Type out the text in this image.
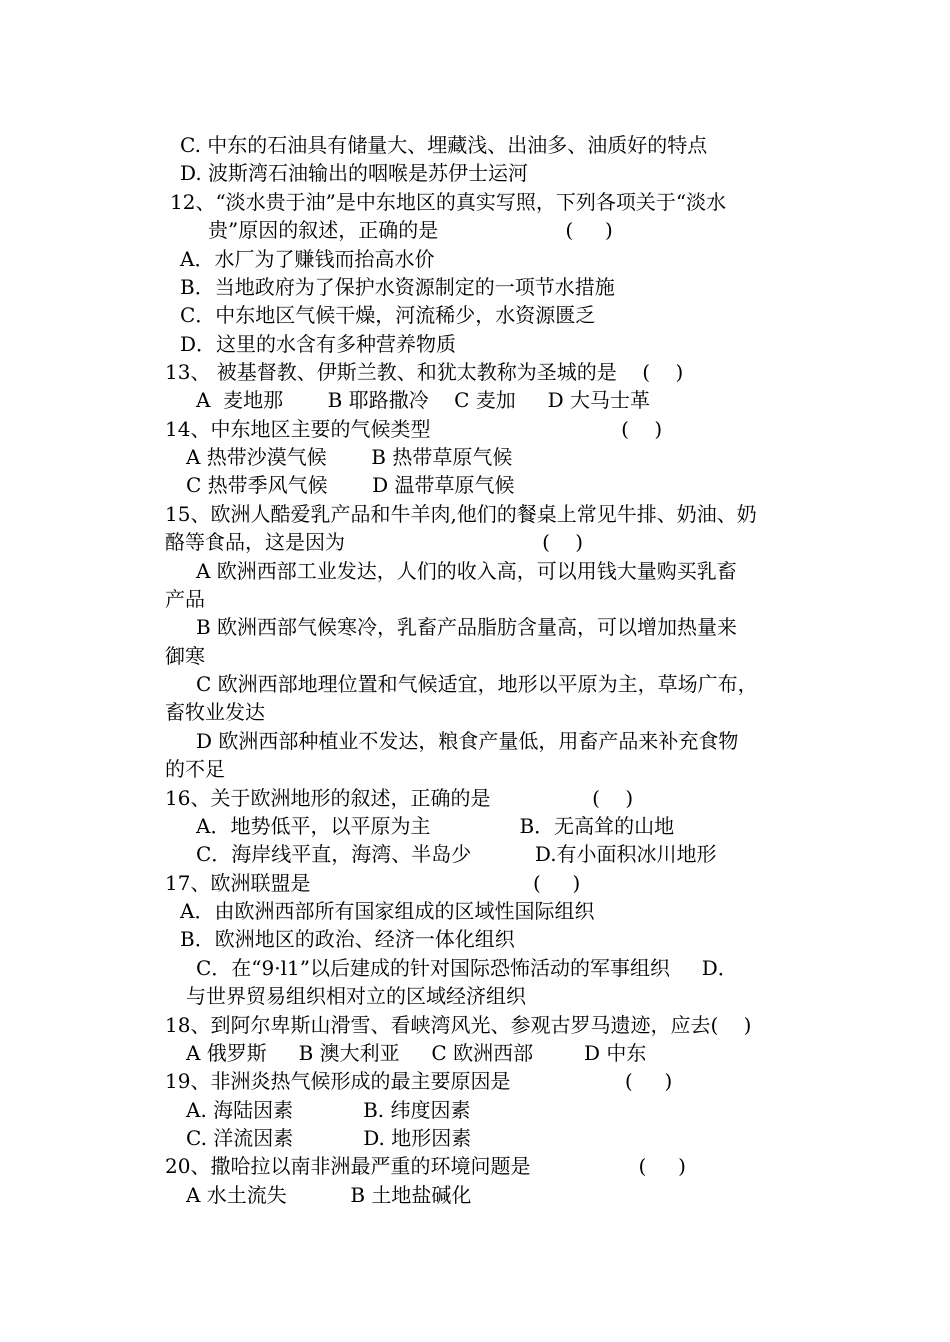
C. 中东的石油具有储量大、埋藏浅、出油多、油质好的特点
D. 波斯湾石油输出的咽喉是苏伊士运河
12、“淡水贵于油”是中东地区的真实写照，下列各项关于“淡水
贵”原因的叙述，正确的是                    (     )
A．水厂为了赚钱而抬高水价
B．当地政府为了保护水资源制定的一项节水措施
C．中东地区气候干燥，河流稀少，水资源匮乏
D．这里的水含有多种营养物质
13、 被基督教、伊斯兰教、和犹太教称为圣城的是    (    )
A  麦地那       B 耶路撒冷    C 麦加     D 大马士革
14、中东地区主要的气候类型                              (    )
A 热带沙漠气候       B 热带草原气候
C 热带季风气候       D 温带草原气候
15、欧洲人酷爱乳产品和牛羊肉,他们的餐桌上常见牛排、奶油、奶
酪等食品，这是因为                               (    )
A 欧洲西部工业发达，人们的收入高，可以用钱大量购买乳畜
产品
B 欧洲西部气候寒冷，乳畜产品脂肪含量高，可以增加热量来
御寒
C 欧洲西部地理位置和气候适宜，地形以平原为主，草场广布，
畜牧业发达
D 欧洲西部种植业不发达，粮食产量低，用畜产品来补充食物
的不足
16、关于欧洲地形的叙述，正确的是                (    )
A．地势低平，以平原为主              B．无高耸的山地
C．海岸线平直，海湾、半岛少          D.有小面积冰川地形
17、欧洲联盟是                                   (     )
A．由欧洲西部所有国家组成的区域性国际组织
B．欧洲地区的政治、经济一体化组织
C．在“9·l1”以后建成的针对国际恐怖活动的军事组织     D．
与世界贸易组织相对立的区域经济组织
18、到阿尔卑斯山滑雪、看峡湾风光、参观古罗马遗迹，应去(    )
A 俄罗斯     B 澳大利亚     C 欧洲西部        D 中东
19、非洲炎热气候形成的最主要原因是                  (     )
A. 海陆因素           B. 纬度因素
C. 洋流因素           D. 地形因素
20、撒哈拉以南非洲最严重的环境问题是                 (     )
A 水土流失          B 土地盐碱化
